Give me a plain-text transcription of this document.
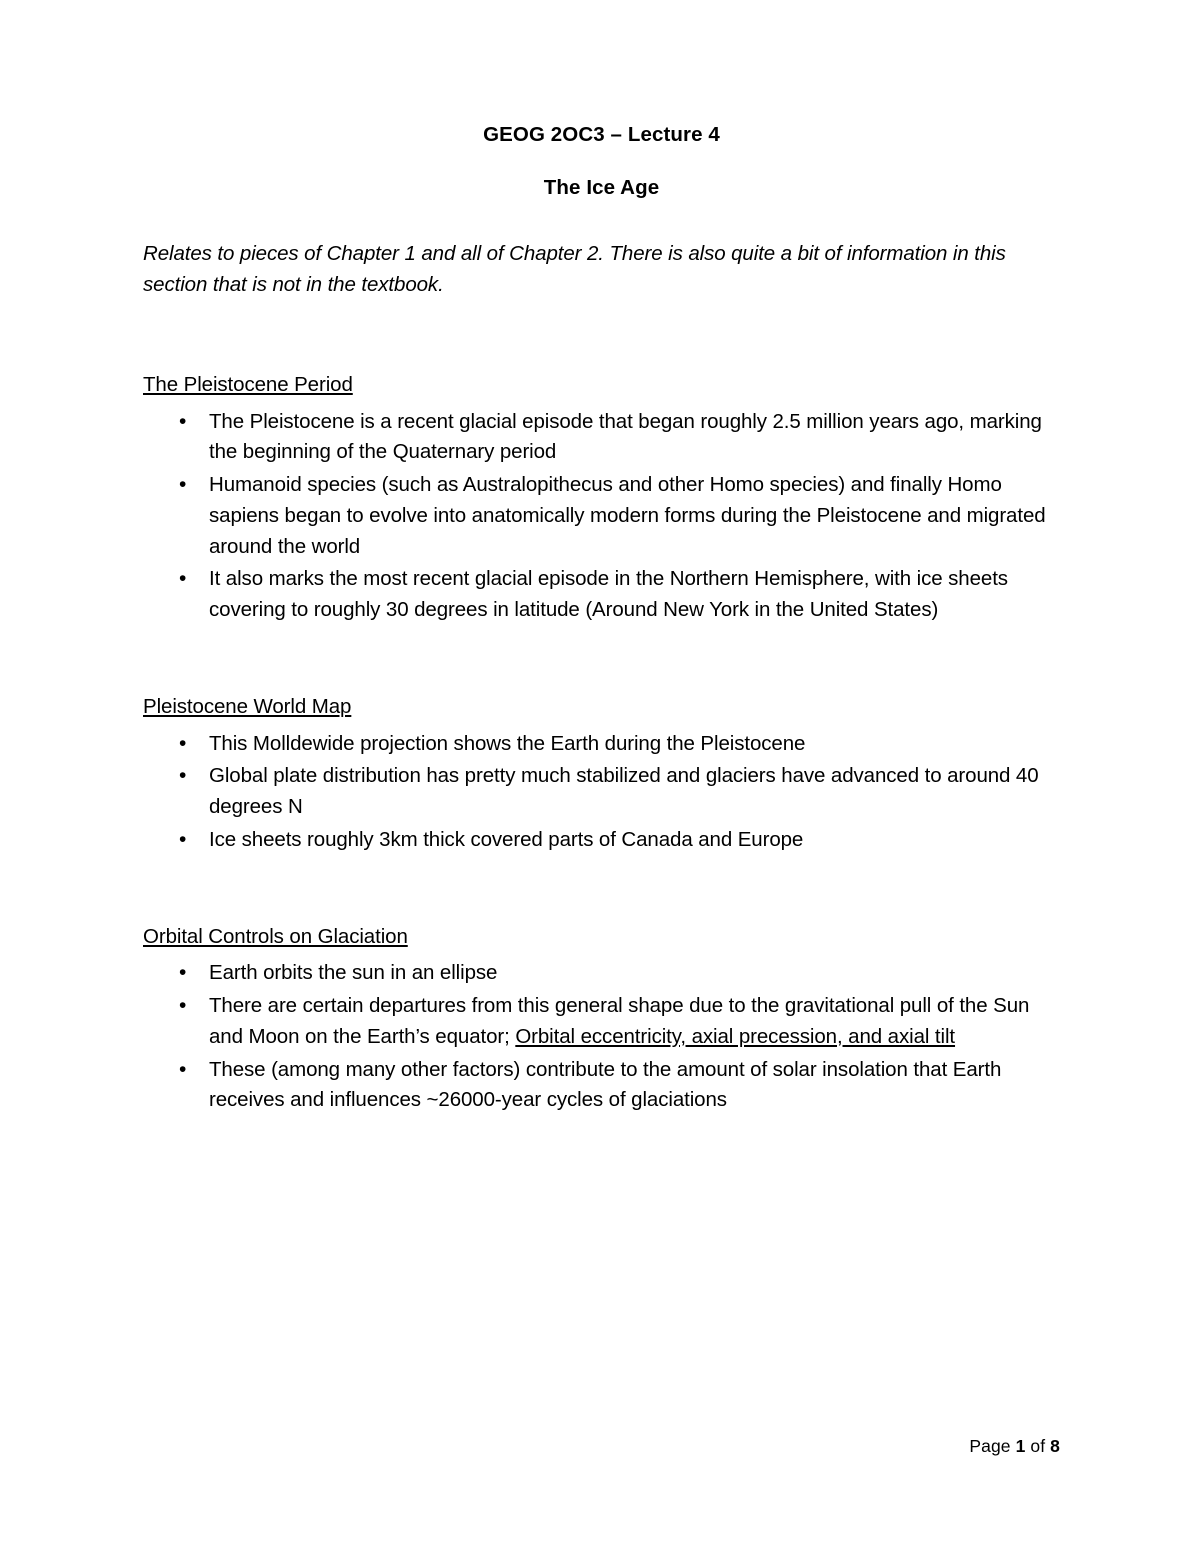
GEOG 2OC3 – Lecture 4
The Ice Age
Relates to pieces of Chapter 1 and all of Chapter 2. There is also quite a bit of information in this section that is not in the textbook.
The Pleistocene Period
• The Pleistocene is a recent glacial episode that began roughly 2.5 million years ago, marking the beginning of the Quaternary period
• Humanoid species (such as Australopithecus and other Homo species) and finally Homo sapiens began to evolve into anatomically modern forms during the Pleistocene and migrated around the world
• It also marks the most recent glacial episode in the Northern Hemisphere, with ice sheets covering to roughly 30 degrees in latitude (Around New York in the United States)
Pleistocene World Map
• This Molldewide projection shows the Earth during the Pleistocene
• Global plate distribution has pretty much stabilized and glaciers have advanced to around 40 degrees N
• Ice sheets roughly 3km thick covered parts of Canada and Europe
Orbital Controls on Glaciation
• Earth orbits the sun in an ellipse
• There are certain departures from this general shape due to the gravitational pull of the Sun and Moon on the Earth’s equator; Orbital eccentricity, axial precession, and axial tilt
• These (among many other factors) contribute to the amount of solar insolation that Earth receives and influences ~26000-year cycles of glaciations
Page 1 of 8
